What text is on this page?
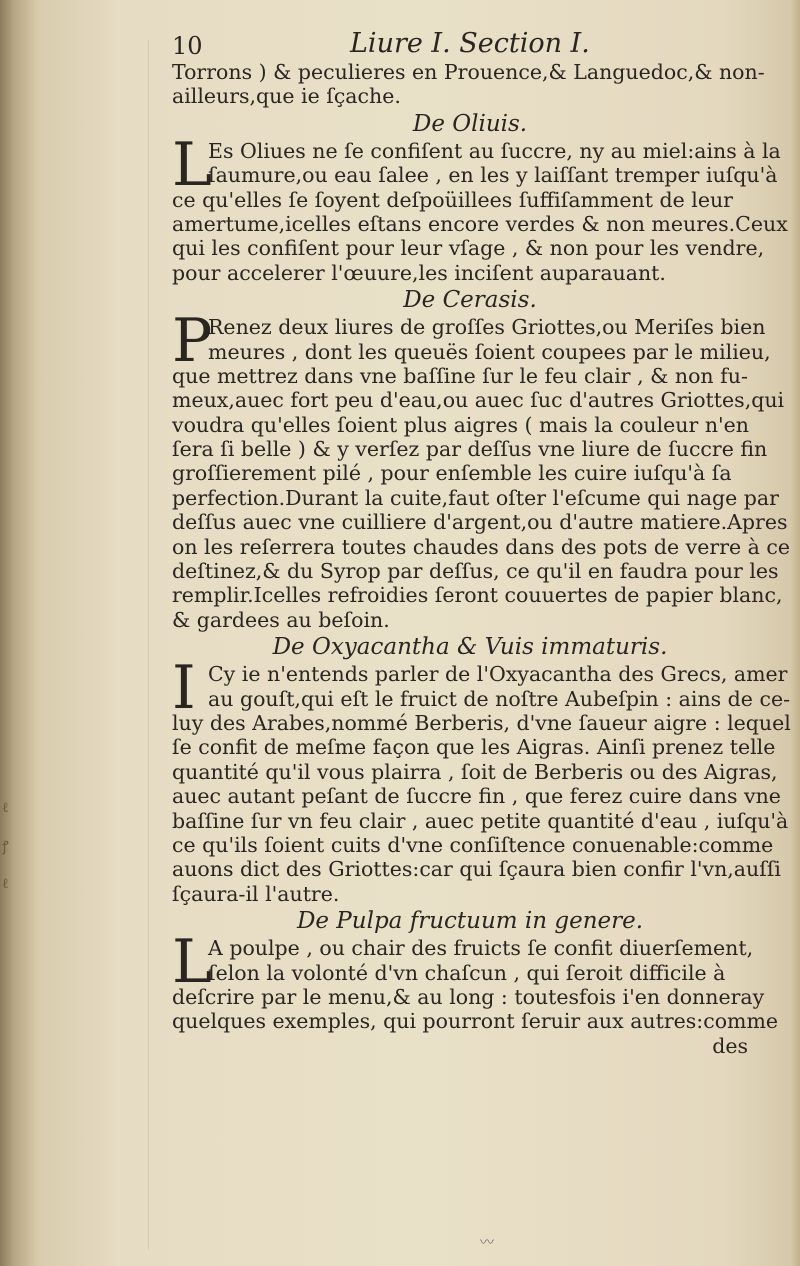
ℓ
ꝭ
ℓ
10	Liure I. Section I.
Torrons ) & peculieres en Prouence,& Languedoc,& non-
ailleurs,que ie ſçache.
De Oliuis.
L
Es Oliues ne ſe confiſent au ſuccre, ny au miel:ains à la
ſaumure,ou eau ſalee , en les y laiſſant tremper iuſqu'à
ce qu'elles ſe ſoyent deſpoüillees ſuffiſamment de leur
amertume,icelles eſtans encore verdes & non meures.Ceux
qui les confiſent pour leur vſage , & non pour les vendre,
pour accelerer l'œuure,les inciſent auparauant.
De Cerasis.
P
Renez deux liures de groſſes Griottes,ou Meriſes bien
meures , dont les queuës ſoient coupees par le milieu,
que mettrez dans vne baſſine ſur le feu clair , & non fu-
meux,auec fort peu d'eau,ou auec ſuc d'autres Griottes,qui
voudra qu'elles ſoient plus aigres ( mais la couleur n'en
ſera ſi belle ) & y verſez par deſſus vne liure de ſuccre fin
groſſierement pilé , pour enſemble les cuire iuſqu'à ſa
perfection.Durant la cuite,faut oſter l'eſcume qui nage par
deſſus auec vne cuilliere d'argent,ou d'autre matiere.Apres
on les reſerrera toutes chaudes dans des pots de verre à ce
deſtinez,& du Syrop par deſſus, ce qu'il en faudra pour les
remplir.Icelles refroidies ſeront couuertes de papier blanc,
& gardees au beſoin.
De Oxyacantha & Vuis immaturis.
I Cy ie n'entends parler de l'Oxyacantha des Grecs, amer
au gouſt,qui eſt le fruict de noſtre Aubeſpin : ains de ce-
luy des Arabes,nommé Berberis, d'vne ſaueur aigre : lequel
ſe confit de meſme façon que les Aigras. Ainſi prenez telle
quantité qu'il vous plairra , ſoit de Berberis ou des Aigras,
auec autant peſant de ſuccre fin , que ferez cuire dans vne
baſſine ſur vn feu clair , auec petite quantité d'eau , iuſqu'à
ce qu'ils ſoient cuits d'vne conſiſtence conuenable:comme
auons dict des Griottes:car qui ſçaura bien confir l'vn,auſſi
ſçaura-il l'autre.
De Pulpa fructuum in genere.
L
A poulpe , ou chair des fruicts ſe confit diuerſement,
ſelon la volonté d'vn chaſcun , qui ſeroit difficile à
deſcrire par le menu,& au long : toutesfois i'en donneray
quelques exemples, qui pourront ſeruir aux autres:comme
des
〰
